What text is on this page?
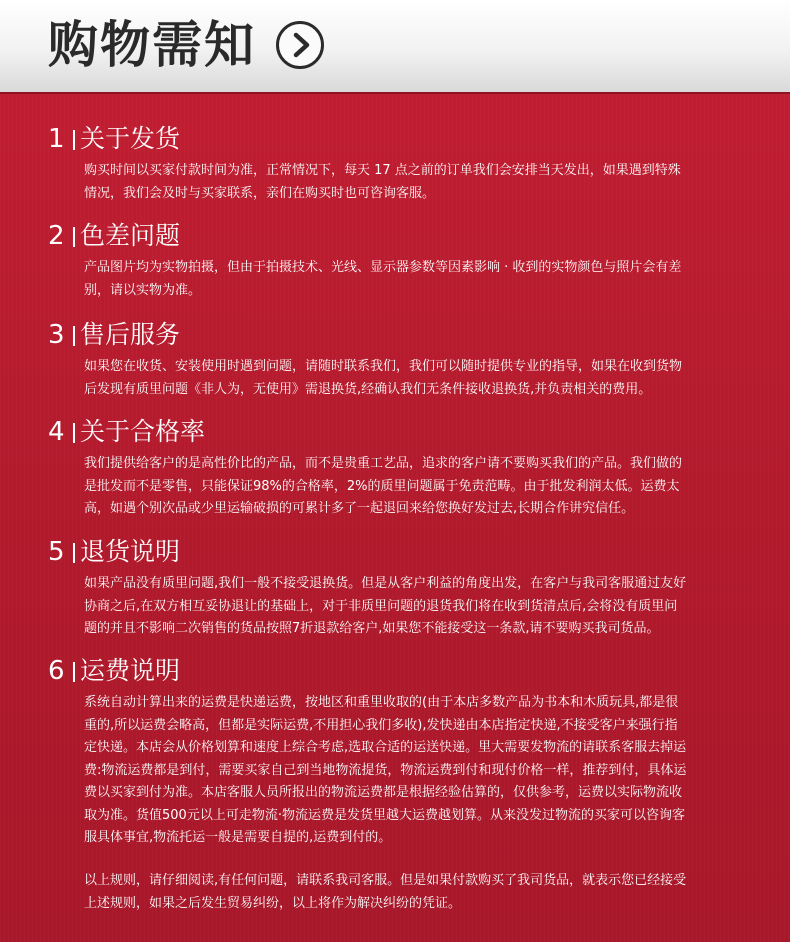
购物需知
1 关于发货
购买时间以买家付款时间为准，正常情况下，每天 17 点之前的订单我们会安排当天发出，如果遇到特殊
情况，我们会及时与买家联系，亲们在购买时也可咨询客服。
2 色差问题
产品图片均为实物拍摄，但由于拍摄技术、光线、显示器参数等因素影响 · 收到的实物颜色与照片会有差
别，请以实物为准。
3 售后服务
如果您在收货、安装使用时遇到问题，请随时联系我们，我们可以随时提供专业的指导，如果在收到货物
后发现有质里问题《非人为，无使用》需退换货,经确认我们无条件接收退换货,并负责相关的费用。
4 关于合格率
我们提供给客户的是高性价比的产品，而不是贵重工艺品，追求的客户请不要购买我们的产品。我们做的
是批发而不是零售，只能保证98%的合格率，2%的质里问题属于免责范畴。由于批发利润太低。运费太
高，如遇个别次品或少里运输破损的可累计多了一起退回来给您换好发过去,长期合作讲究信任。
5 退货说明
如果产品没有质里问题,我们一般不接受退换货。但是从客户利益的角度出发，在客户与我司客服通过友好
协商之后,在双方相互妥协退让的基础上，对于非质里问题的退货我们将在收到货清点后,会将没有质里问
题的并且不影响二次销售的货品按照7折退款给客户,如果您不能接受这一条款,请不要购买我司货品。
6 运费说明
系统自动计算出来的运费是快递运费，按地区和重里收取的(由于本店多数产品为书本和木质玩具,都是很
重的,所以运费会略高，但都是实际运费,不用担心我们多收),发快递由本店指定快递,不接受客户来强行指
定快递。本店会从价格划算和速度上综合考虑,选取合适的运送快递。里大需要发物流的请联系客服去掉运
费:物流运费都是到付，需要买家自己到当地物流提货，物流运费到付和现付价格一样，推荐到付，具体运
费以买家到付为准。本店客服人员所报出的物流运费都是根据经验估算的，仅供参考，运费以实际物流收
取为准。货值500元以上可走物流·物流运费是发货里越大运费越划算。从来没发过物流的买家可以咨询客
服具体事宜,物流托运一般是需要自提的,运费到付的。
以上规则，请仔细阅读,有任何问题，请联系我司客服。但是如果付款购买了我司货品，就表示您已经接受
上述规则，如果之后发生贸易纠纷，以上将作为解决纠纷的凭证。
